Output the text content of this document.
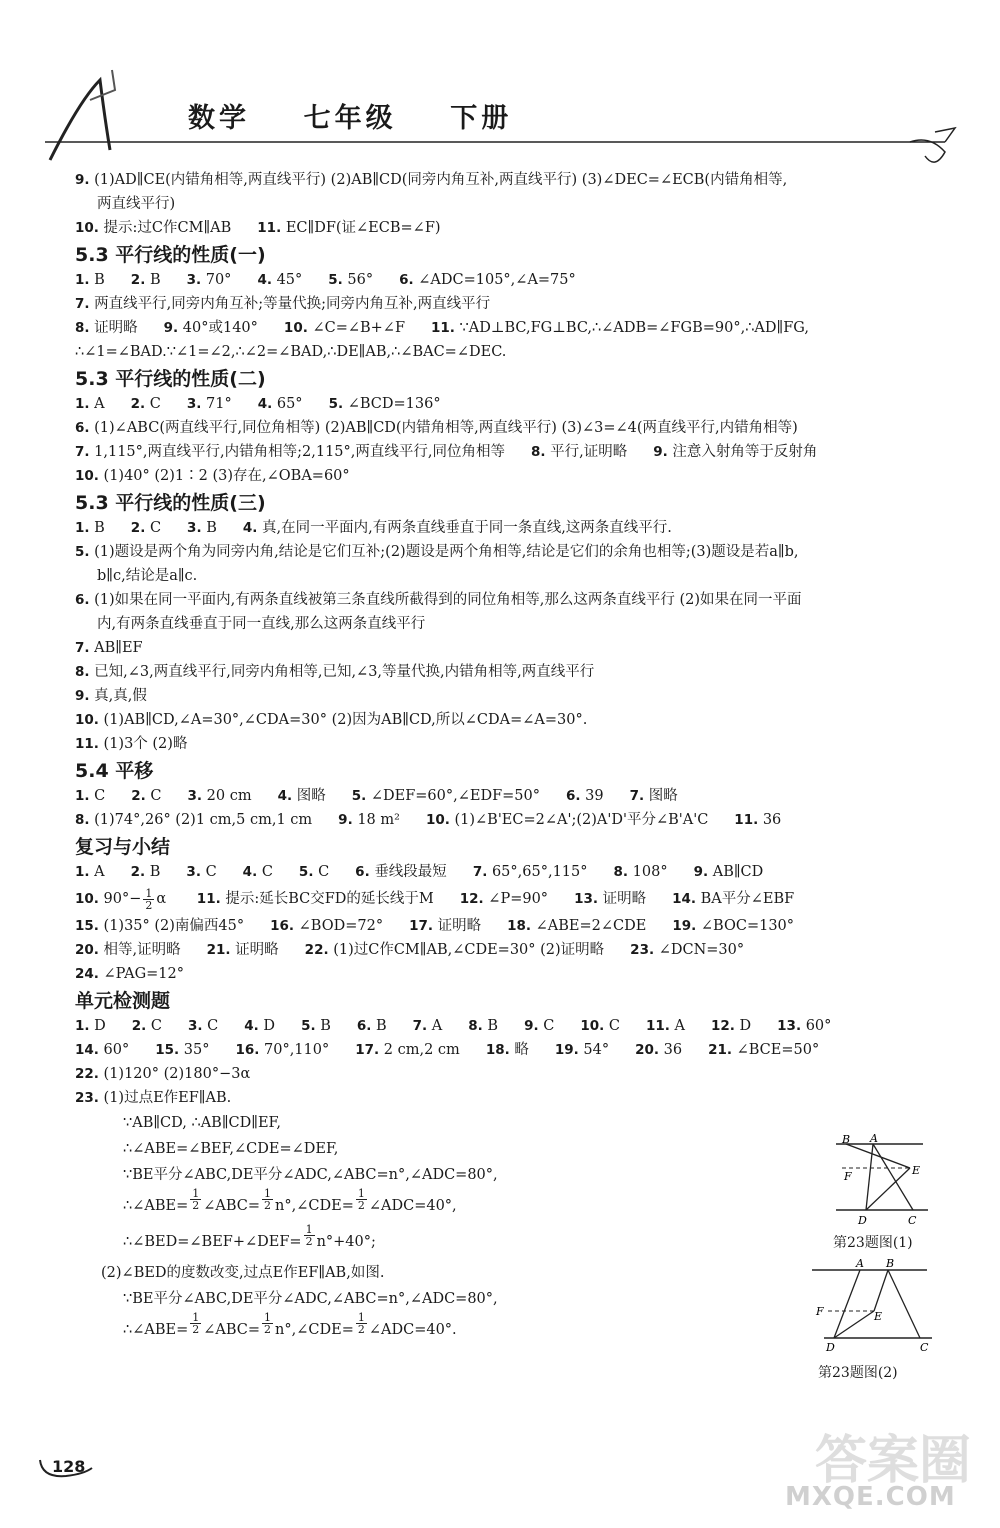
数学    七年级    下册
9. (1)AD∥CE(内错角相等,两直线平行) (2)AB∥CD(同旁内角互补,两直线平行) (3)∠DEC=∠ECB(内错角相等,
两直线平行)
10. 提示:过C作CM∥AB 11. EC∥DF(证∠ECB=∠F)
5.3 平行线的性质(一)
1. B 2. B 3. 70° 4. 45° 5. 56° 6. ∠ADC=105°,∠A=75°
7. 两直线平行,同旁内角互补;等量代换;同旁内角互补,两直线平行
8. 证明略 9. 40°或140° 10. ∠C=∠B+∠F 11. ∵AD⊥BC,FG⊥BC,∴∠ADB=∠FGB=90°,∴AD∥FG,
∴∠1=∠BAD.∵∠1=∠2,∴∠2=∠BAD,∴DE∥AB,∴∠BAC=∠DEC.
5.3 平行线的性质(二)
1. A 2. C 3. 71° 4. 65° 5. ∠BCD=136°
6. (1)∠ABC(两直线平行,同位角相等) (2)AB∥CD(内错角相等,两直线平行) (3)∠3=∠4(两直线平行,内错角相等)
7. 1,115°,两直线平行,内错角相等;2,115°,两直线平行,同位角相等 8. 平行,证明略 9. 注意入射角等于反射角
10. (1)40° (2)1∶2 (3)存在,∠OBA=60°
5.3 平行线的性质(三)
1. B 2. C 3. B 4. 真,在同一平面内,有两条直线垂直于同一条直线,这两条直线平行.
5. (1)题设是两个角为同旁内角,结论是它们互补;(2)题设是两个角相等,结论是它们的余角也相等;(3)题设是若a∥b,
b∥c,结论是a∥c.
6. (1)如果在同一平面内,有两条直线被第三条直线所截得到的同位角相等,那么这两条直线平行 (2)如果在同一平面
内,有两条直线垂直于同一直线,那么这两条直线平行
7. AB∥EF
8. 已知,∠3,两直线平行,同旁内角相等,已知,∠3,等量代换,内错角相等,两直线平行
9. 真,真,假
10. (1)AB∥CD,∠A=30°,∠CDA=30° (2)因为AB∥CD,所以∠CDA=∠A=30°.
11. (1)3个 (2)略
5.4 平移
1. C 2. C 3. 20 cm 4. 图略 5. ∠DEF=60°,∠EDF=50° 6. 39 7. 图略
8. (1)74°,26° (2)1 cm,5 cm,1 cm 9. 18 m² 10. (1)∠B'EC=2∠A';(2)A'D'平分∠B'A'C 11. 36
复习与小结
1. A 2. B 3. C 4. C 5. C 6. 垂线段最短 7. 65°,65°,115° 8. 108° 9. AB∥CD
10. $90^\circ- \frac{1}{2}$ α 11. 提示:延长BC交FD的延长线于M 12. ∠P=90° 13. 证明略 14. BA平分∠EBF
15. (1)35° (2)南偏西45° 16. ∠BOD=72° 17. 证明略 18. ∠ABE=2∠CDE 19. ∠BOC=130°
20. 相等,证明略 21. 证明略 22. (1)过C作CM∥AB,∠CDE=30° (2)证明略 23. ∠DCN=30°
24. ∠PAG=12°
单元检测题
1. D 2. C 3. C 4. D 5. B 6. B 7. A 8. B 9. C 10. C 11. A 12. D 13. 60°
14. 60° 15. 35° 16. 70°,110° 17. 2 cm,2 cm 18. 略 19. 54° 20. 36 21. ∠BCE=50°
22. (1)120° (2)180°−3α
23. (1)过点E作EF∥AB.
∵AB∥CD, ∴AB∥CD∥EF,
∴∠ABE=∠BEF,∠CDE=∠DEF,
∵BE平分∠ABC,DE平分∠ADC,∠ABC=n°,∠ADC=80°,
∴∠ABE= $\frac{1}{2}$ ∠ABC= $\frac{1}{2}$ n°,∠CDE= $\frac{1}{2}$ ∠ADC=40°,
∴∠BED=∠BEF+∠DEF= $\frac{1}{2} n^\circ+40^\circ$;
(2)∠BED的度数改变,过点E作EF∥AB,如图.
∵BE平分∠ABC,DE平分∠ADC,∠ABC=n°,∠ADC=80°,
∴∠ABE= $\frac{1}{2}$ ∠ABC= $\frac{1}{2}$ n°,∠CDE= $\frac{1}{2}$ ∠ADC=40°.
B A
E
F
D	C
第23题图(1)
A B
F	E
D	C
第23题图(2)
128	答案圈
MXQE.COM
